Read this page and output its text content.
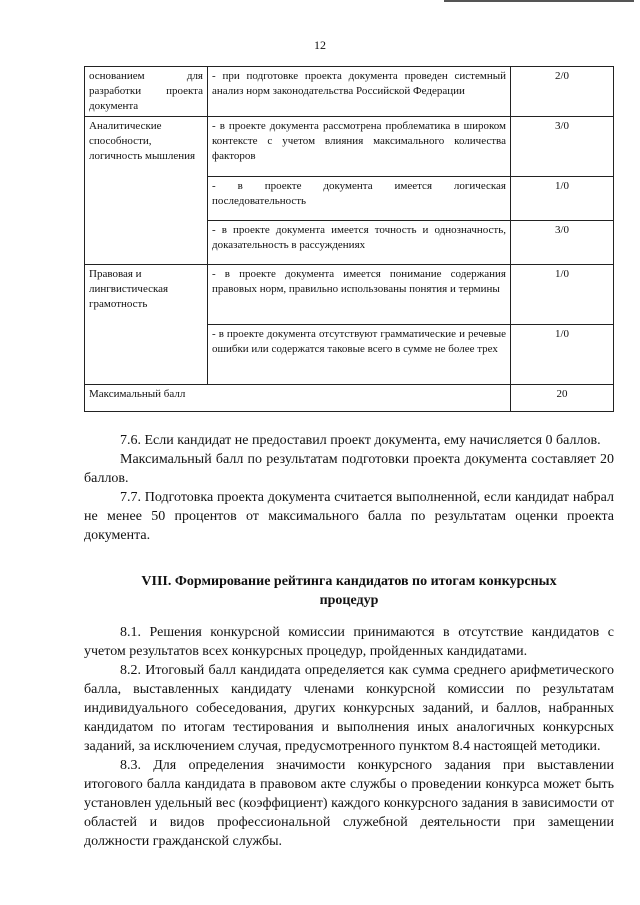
12
основанием для разработки проекта документа	- при подготовке проекта документа проведен системный анализ норм законодательства Российской Федерации	2/0
Аналитические способности, логичность мышления	- в проекте документа рассмотрена проблематика в широком контексте с учетом влияния максимального количества факторов	3/0
	- в проекте документа имеется логическая последовательность	1/0
	- в проекте документа имеется точность и однозначность, доказательность в рассуждениях	3/0
Правовая и лингвистическая грамотность	- в проекте документа имеется понимание содержания правовых норм, правильно использованы понятия и термины	1/0
	- в проекте документа отсутствуют грамматические и речевые ошибки или содержатся таковые всего в сумме не более трех	1/0
Максимальный балл		20

7.6. Если кандидат не предоставил проект документа, ему начисляется 0 баллов.

Максимальный балл по результатам подготовки проекта документа составляет 20 баллов.

7.7. Подготовка проекта документа считается выполненной, если кандидат набрал не менее 50 процентов от максимального балла по результатам оценки проекта документа.

VIII. Формирование рейтинга кандидатов по итогам конкурсных процедур

8.1. Решения конкурсной комиссии принимаются в отсутствие кандидатов с учетом результатов всех конкурсных процедур, пройденных кандидатами.

8.2. Итоговый балл кандидата определяется как сумма среднего арифметического балла, выставленных кандидату членами конкурсной комиссии по результатам индивидуального собеседования, других конкурсных заданий, и баллов, набранных кандидатом по итогам тестирования и выполнения иных аналогичных конкурсных заданий, за исключением случая, предусмотренного пунктом 8.4 настоящей методики.

8.3. Для определения значимости конкурсного задания при выставлении итогового балла кандидата в правовом акте службы о проведении конкурса может быть установлен удельный вес (коэффициент) каждого конкурсного задания в зависимости от областей и видов профессиональной служебной деятельности при замещении должности гражданской службы.
